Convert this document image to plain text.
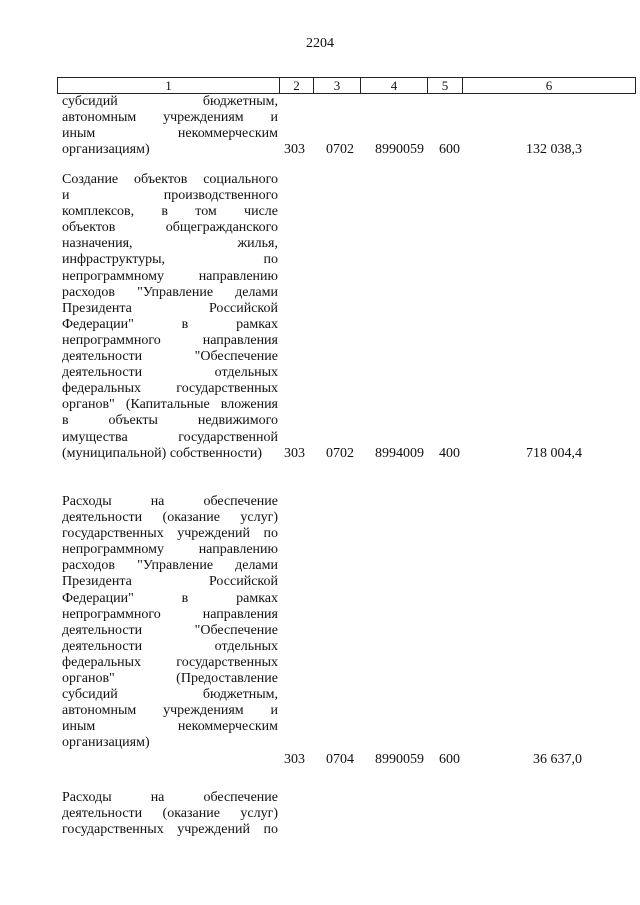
2204
1	2	3	4	5	6
субсидий бюджетным,
автономным учреждениям и
иным некоммерческим
организациям)	303 0702 8990059 600	132 038,3
Создание объектов социального
и производственного
комплексов, в том числе
объектов общегражданского
назначения, жилья,
инфраструктуры, по
непрограммному направлению
расходов "Управление делами
Президента Российской
Федерации" в рамках
непрограммного направления
деятельности "Обеспечение
деятельности отдельных
федеральных государственных
органов" (Капитальные вложения
в объекты недвижимого
имущества государственной
(муниципальной) собственности)	303 0702 8994009 400	718 004,4
Расходы на обеспечение
деятельности (оказание услуг)
государственных учреждений по
непрограммному направлению
расходов "Управление делами
Президента Российской
Федерации" в рамках
непрограммного направления
деятельности "Обеспечение
деятельности отдельных
федеральных государственных
органов" (Предоставление
субсидий бюджетным,
автономным учреждениям и
иным некоммерческим
организациям)
303 0704 8990059 600	36 637,0
Расходы на обеспечение
деятельности (оказание услуг)
государственных учреждений по
